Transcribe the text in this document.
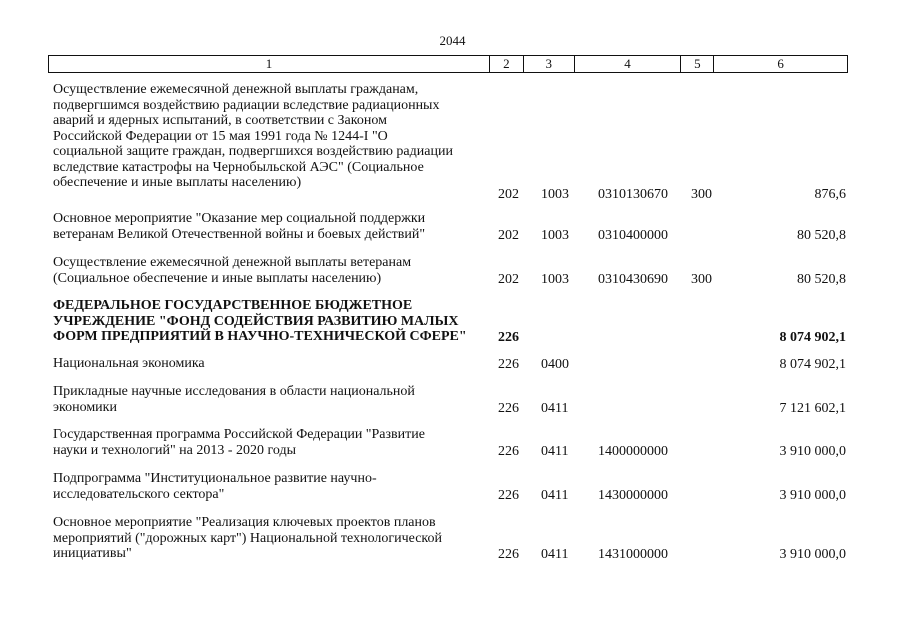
2044
1	2	3	4	5	6
Осуществление ежемесячной денежной выплаты гражданам,
подвергшимся воздействию радиации вследствие радиационных
аварий и ядерных испытаний, в соответствии с Законом
Российской Федерации от 15 мая 1991 года № 1244-I "О
социальной защите граждан, подвергшихся воздействию радиации
вследствие катастрофы на Чернобыльской АЭС" (Социальное
обеспечение и иные выплаты населению)
202 1003 0310130670 300	876,6
Основное мероприятие "Оказание мер социальной поддержки
ветеранам Великой Отечественной войны и боевых действий"	202 1003 0310400000	80 520,8
Осуществление ежемесячной денежной выплаты ветеранам
(Социальное обеспечение и иные выплаты населению)	202 1003 0310430690 300	80 520,8
ФЕДЕРАЛЬНОЕ ГОСУДАРСТВЕННОЕ БЮДЖЕТНОЕ
УЧРЕЖДЕНИЕ "ФОНД СОДЕЙСТВИЯ РАЗВИТИЮ МАЛЫХ
ФОРМ ПРЕДПРИЯТИЙ В НАУЧНО-ТЕХНИЧЕСКОЙ СФЕРЕ"	226	8 074 902,1
Национальная экономика	226 0400	8 074 902,1
Прикладные научные исследования в области национальной
экономики	226 0411	7 121 602,1
Государственная программа Российской Федерации "Развитие
науки и технологий" на 2013 - 2020 годы	226 0411 1400000000	3 910 000,0
Подпрограмма "Институциональное развитие научно-
исследовательского сектора"	226 0411 1430000000	3 910 000,0
Основное мероприятие "Реализация ключевых проектов планов
мероприятий ("дорожных карт") Национальной технологической
инициативы"	226 0411 1431000000	3 910 000,0
